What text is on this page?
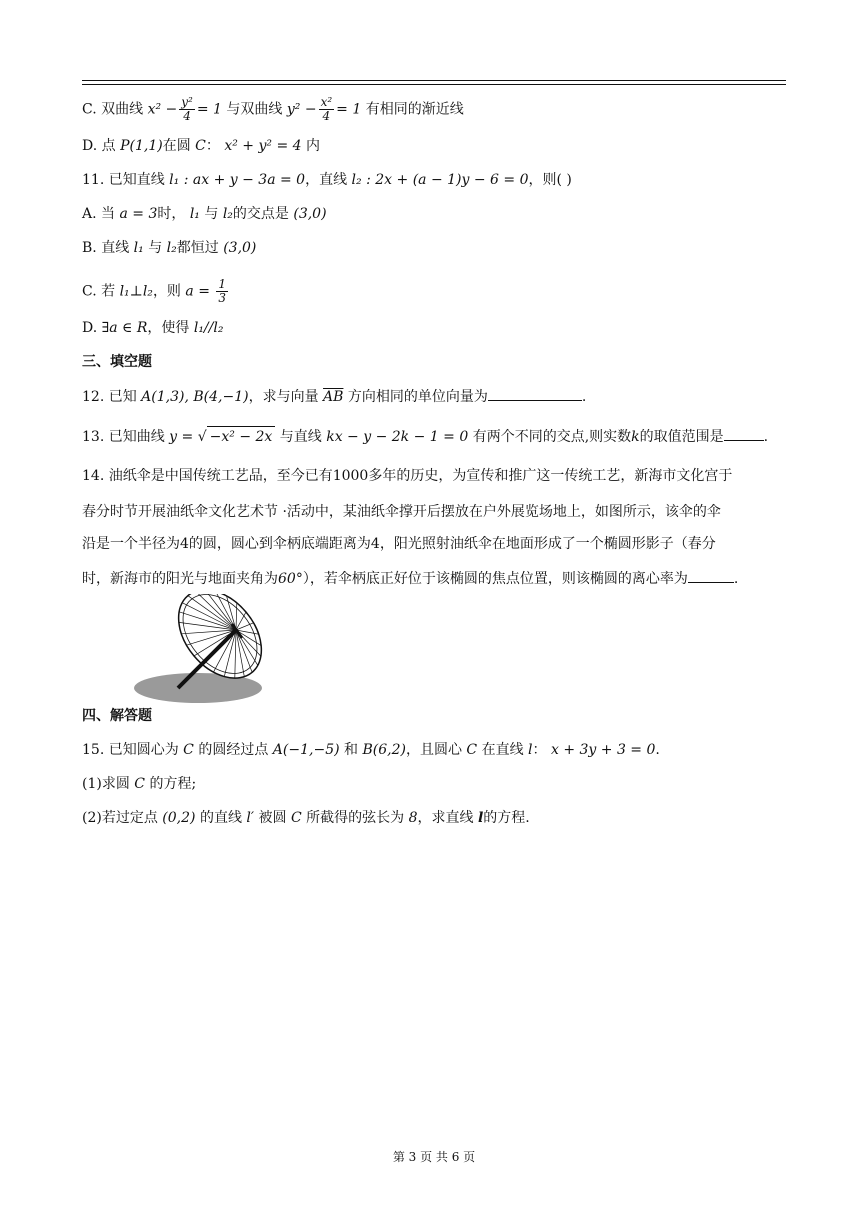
C. 双曲线 $x^2 - \frac{\text{y²}}{4} = 1$ 与双曲线 $y^2 - \frac{\text{x²}}{4} = 1$ 有相同的渐近线
D. 点 P(1,1)在圆 C： x² + y² = 4 内
11. 已知直线 l₁ : ax + y − 3a = 0，直线 l₂ : 2x + (a − 1)y − 6 = 0，则( )
A. 当 a = 3时， l₁ 与 l₂的交点是 (3,0)
B. 直线 l₁ 与 l₂都恒过 (3,0)
C. 若 l₁⊥l₂，则 $a = \frac{1}{3}$
D. ∃a ∈ R，使得 l₁//l₂
三、填空题
12. 已知 A(1,3), B(4,−1)，求与向量 $\overline{AB}$ 方向相同的单位向量为	.
13. 已知曲线 y = √ −x² − 2x 与直线 kx − y − 2k − 1 = 0 有两个不同的交点,则实数k的取值范围是	.
14. 油纸伞是中国传统工艺品，至今已有1000多年的历史，为宣传和推广这一传统工艺，新海市文化宫于
春分时节开展油纸伞文化艺术节 ·活动中，某油纸伞撑开后摆放在户外展览场地上，如图所示，该伞的伞
沿是一个半径为4的圆，圆心到伞柄底端距离为4，阳光照射油纸伞在地面形成了一个椭圆形影子（春分
时，新海市的阳光与地面夹角为60°），若伞柄底正好位于该椭圆的焦点位置，则该椭圆的离心率为	.
四、解答题
15. 已知圆心为 C 的圆经过点 A(−1,−5) 和 B(6,2)，且圆心 C 在直线 l： x + 3y + 3 = 0.
(1)求圆 C 的方程;
(2)若过定点 (0,2) 的直线 l′ 被圆 C 所截得的弦长为 8，求直线 l的方程.
第 3 页 共 6 页
